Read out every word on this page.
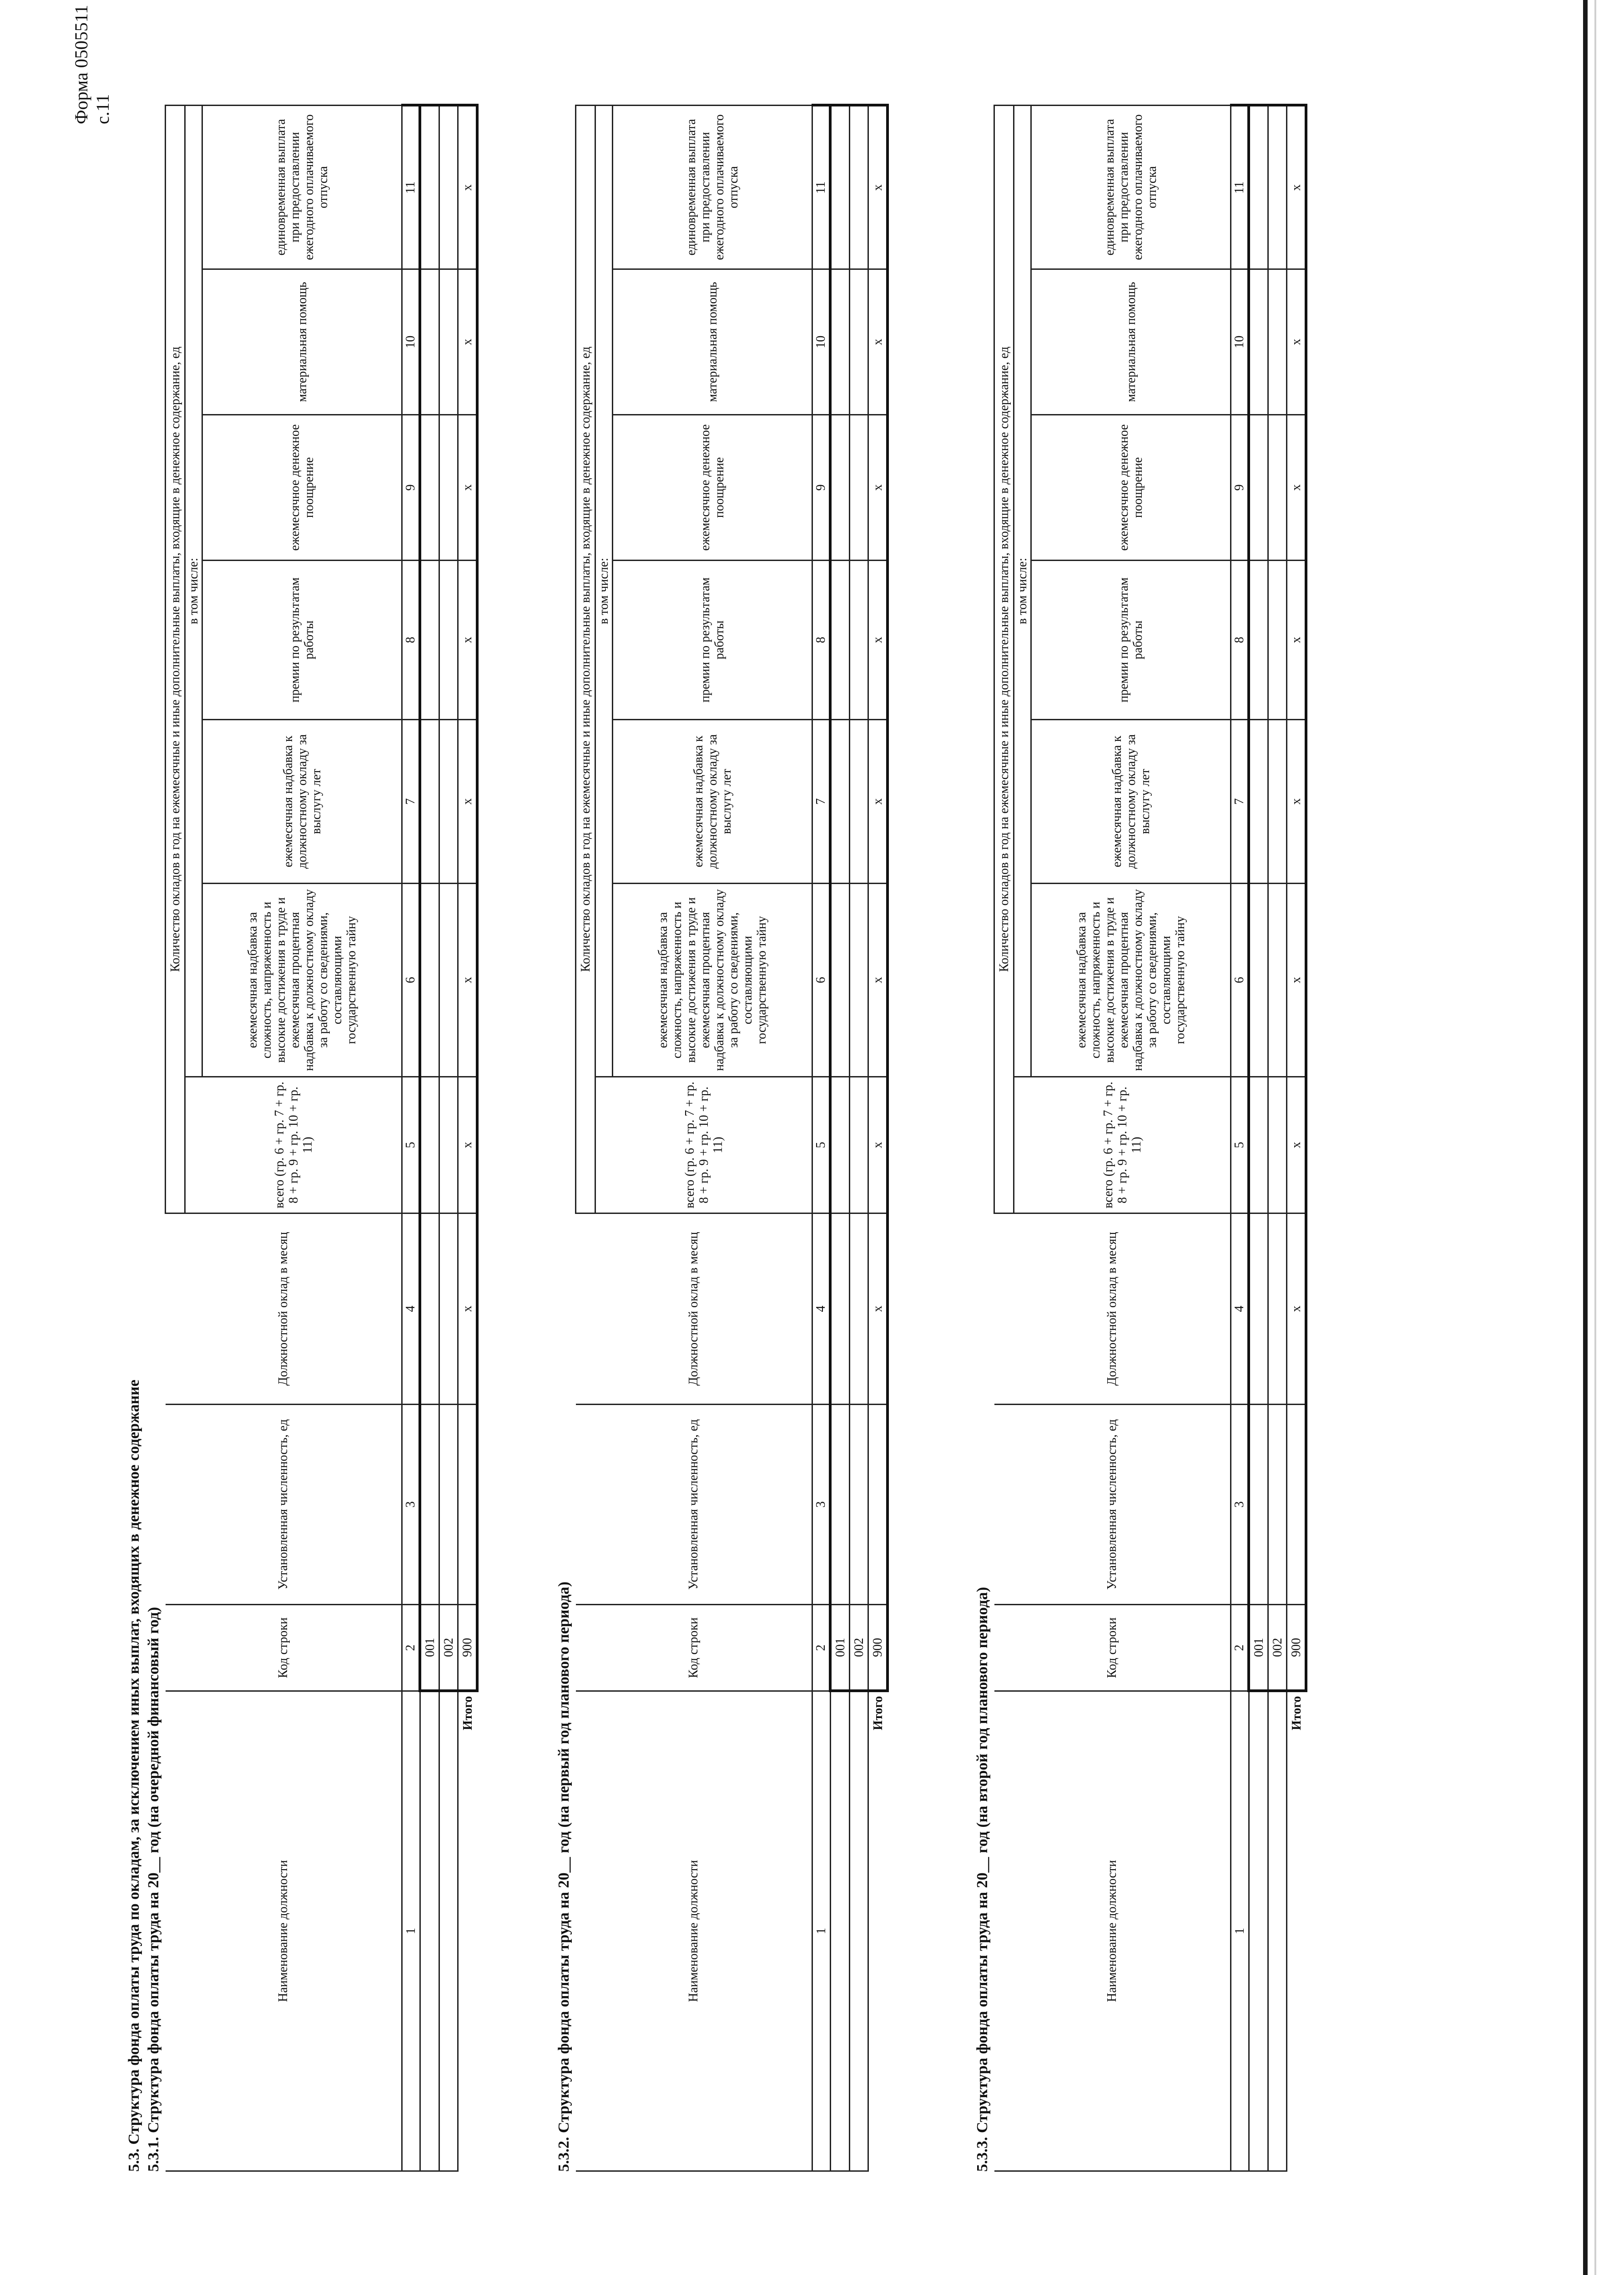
Форма 0505511 с.11
5.3. Структура фонда оплаты труда по окладам, за исключением иных выплат, входящих в денежное содержание 5.3.1. Структура фонда оплаты труда на 20__ год (на очередной финансовый год)	5.3.2. Структура фонда оплаты труда на 20__ год (на первый год планового периода)	5.3.3. Структура фонда оплаты труда на 20__ год (на второй год планового периода)
Наименование должности	Код строки	Установленная численность, ед	Должностной оклад в месяц	Количество окладов в год на ежемесячные и иные дополнительные выплаты, входящие в денежное содержание, ед						
				всего (гр. 6 + гр. 7 + гр. 8 + гр. 9 + гр. 10 + гр. 11)	в том числе:					
					ежемесячная надбавка за сложность, напряженность и высокие достижения в труде и ежемесячная процентная надбавка к должностному окладу за работу со сведениями, составляющими государственную тайну	ежемесячная надбавка к должностному окладу за выслугу лет	премии по результатам работы	ежемесячное денежное поощрение	материальная помощь	единовременная выплата при предоставлении ежегодного оплачиваемого отпуска
1	2	3	4	5	6	7	8	9	10	11
	001									
	002									
Итого	900		x	x	x	x	x	x	x	x
Наименование должности	Код строки	Установленная численность, ед	Должностной оклад в месяц	Количество окладов в год на ежемесячные и иные дополнительные выплаты, входящие в денежное содержание, ед						
				всего (гр. 6 + гр. 7 + гр. 8 + гр. 9 + гр. 10 + гр. 11)	в том числе:					
					ежемесячная надбавка за сложность, напряженность и высокие достижения в труде и ежемесячная процентная надбавка к должностному окладу за работу со сведениями, составляющими государственную тайну	ежемесячная надбавка к должностному окладу за выслугу лет	премии по результатам работы	ежемесячное денежное поощрение	материальная помощь	единовременная выплата при предоставлении ежегодного оплачиваемого отпуска
1	2	3	4	5	6	7	8	9	10	11
	001									
	002									
Итого	900		x	x	x	x	x	x	x	x
Наименование должности	Код строки	Установленная численность, ед	Должностной оклад в месяц	Количество окладов в год на ежемесячные и иные дополнительные выплаты, входящие в денежное содержание, ед						
				всего (гр. 6 + гр. 7 + гр. 8 + гр. 9 + гр. 10 + гр. 11)	в том числе:					
					ежемесячная надбавка за сложность, напряженность и высокие достижения в труде и ежемесячная процентная надбавка к должностному окладу за работу со сведениями, составляющими государственную тайну	ежемесячная надбавка к должностному окладу за выслугу лет	премии по результатам работы	ежемесячное денежное поощрение	материальная помощь	единовременная выплата при предоставлении ежегодного оплачиваемого отпуска
1	2	3	4	5	6	7	8	9	10	11
	001									
	002									
Итого	900		x	x	x	x	x	x	x	x
